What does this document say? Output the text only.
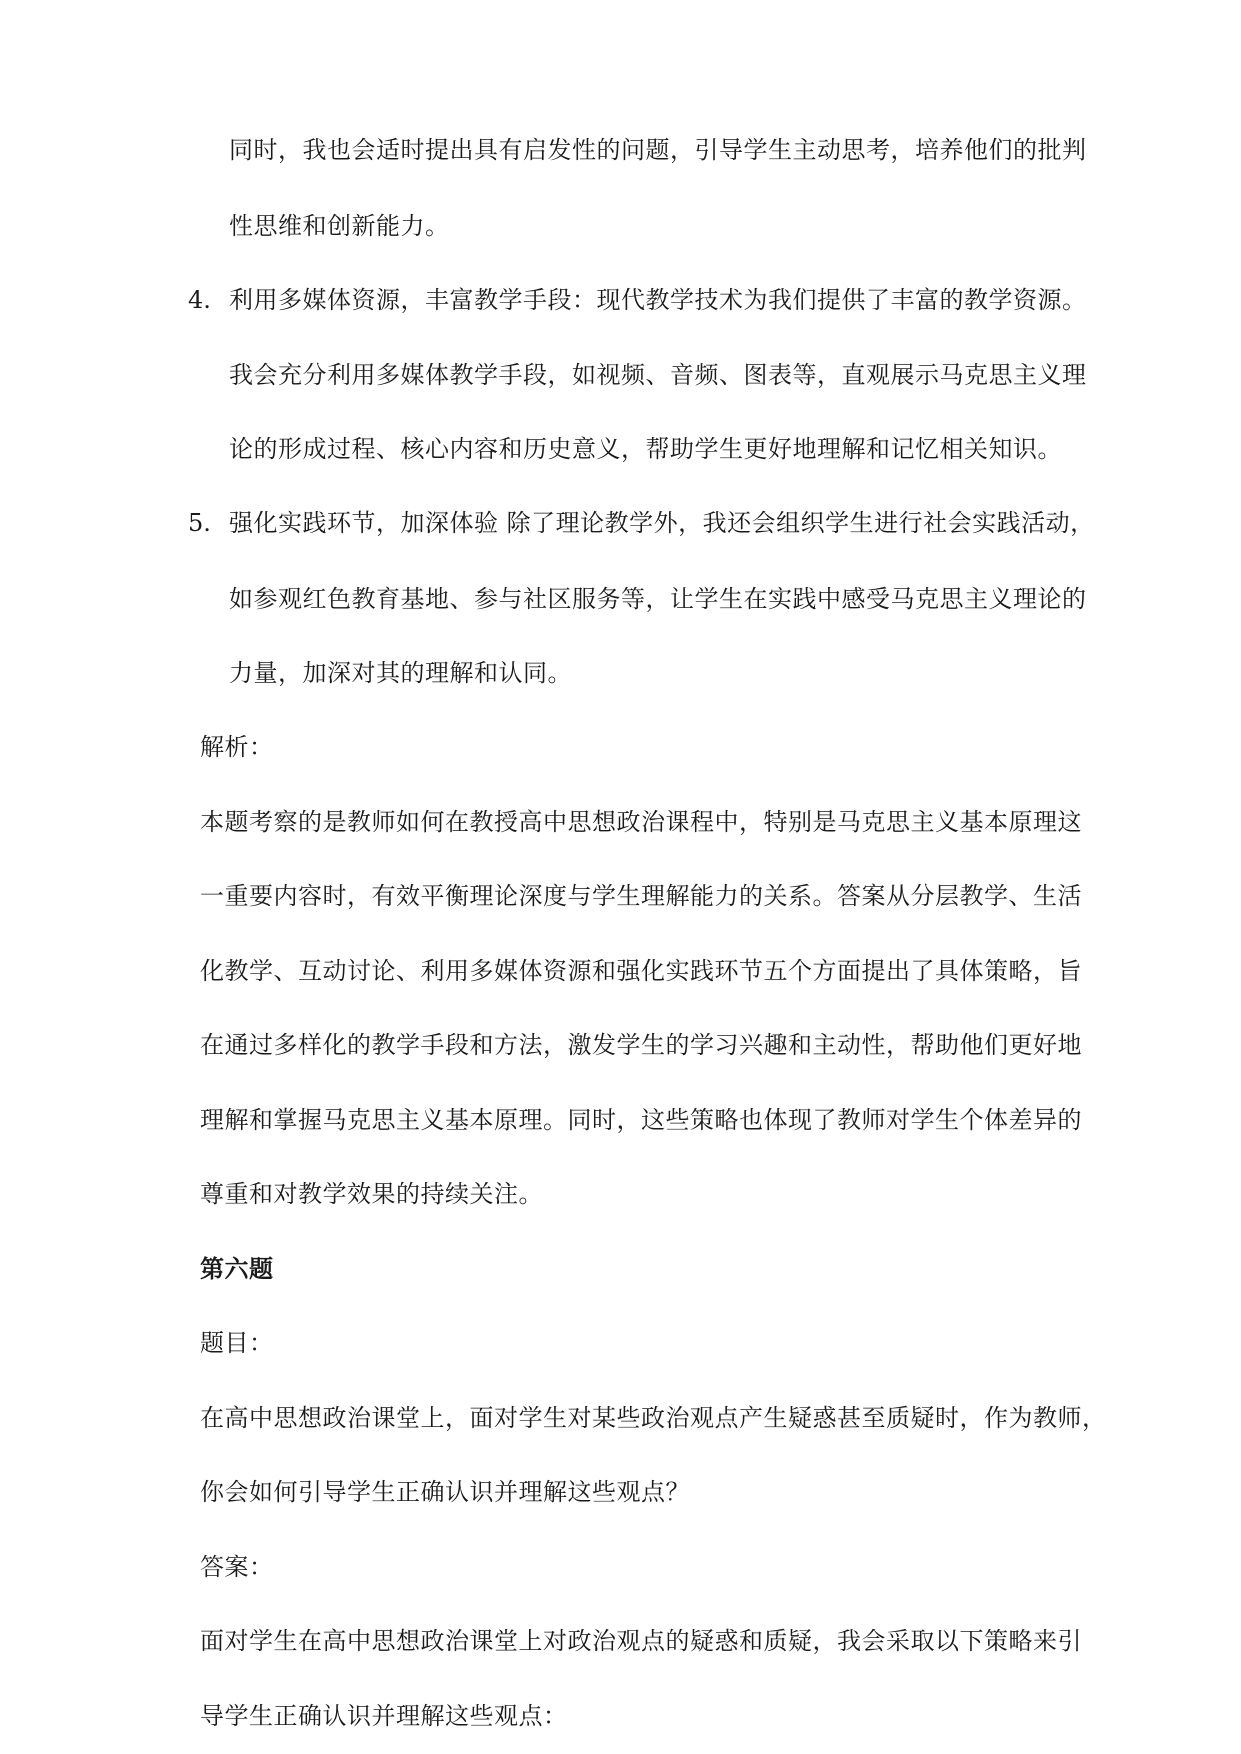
同时，我也会适时提出具有启发性的问题，引导学生主动思考，培养他们的批判
性思维和创新能力。
4. 利用多媒体资源，丰富教学手段：现代教学技术为我们提供了丰富的教学资源。
我会充分利用多媒体教学手段，如视频、音频、图表等，直观展示马克思主义理
论的形成过程、核心内容和历史意义，帮助学生更好地理解和记忆相关知识。
5. 强化实践环节，加深体验 除了理论教学外，我还会组织学生进行社会实践活动，
如参观红色教育基地、参与社区服务等，让学生在实践中感受马克思主义理论的
力量，加深对其的理解和认同。
解析：
本题考察的是教师如何在教授高中思想政治课程中，特别是马克思主义基本原理这
一重要内容时，有效平衡理论深度与学生理解能力的关系。答案从分层教学、生活
化教学、互动讨论、利用多媒体资源和强化实践环节五个方面提出了具体策略，旨
在通过多样化的教学手段和方法，激发学生的学习兴趣和主动性，帮助他们更好地
理解和掌握马克思主义基本原理。同时，这些策略也体现了教师对学生个体差异的
尊重和对教学效果的持续关注。
第六题
题目：
在高中思想政治课堂上，面对学生对某些政治观点产生疑惑甚至质疑时，作为教师，
你会如何引导学生正确认识并理解这些观点？
答案：
面对学生在高中思想政治课堂上对政治观点的疑惑和质疑，我会采取以下策略来引
导学生正确认识并理解这些观点：
